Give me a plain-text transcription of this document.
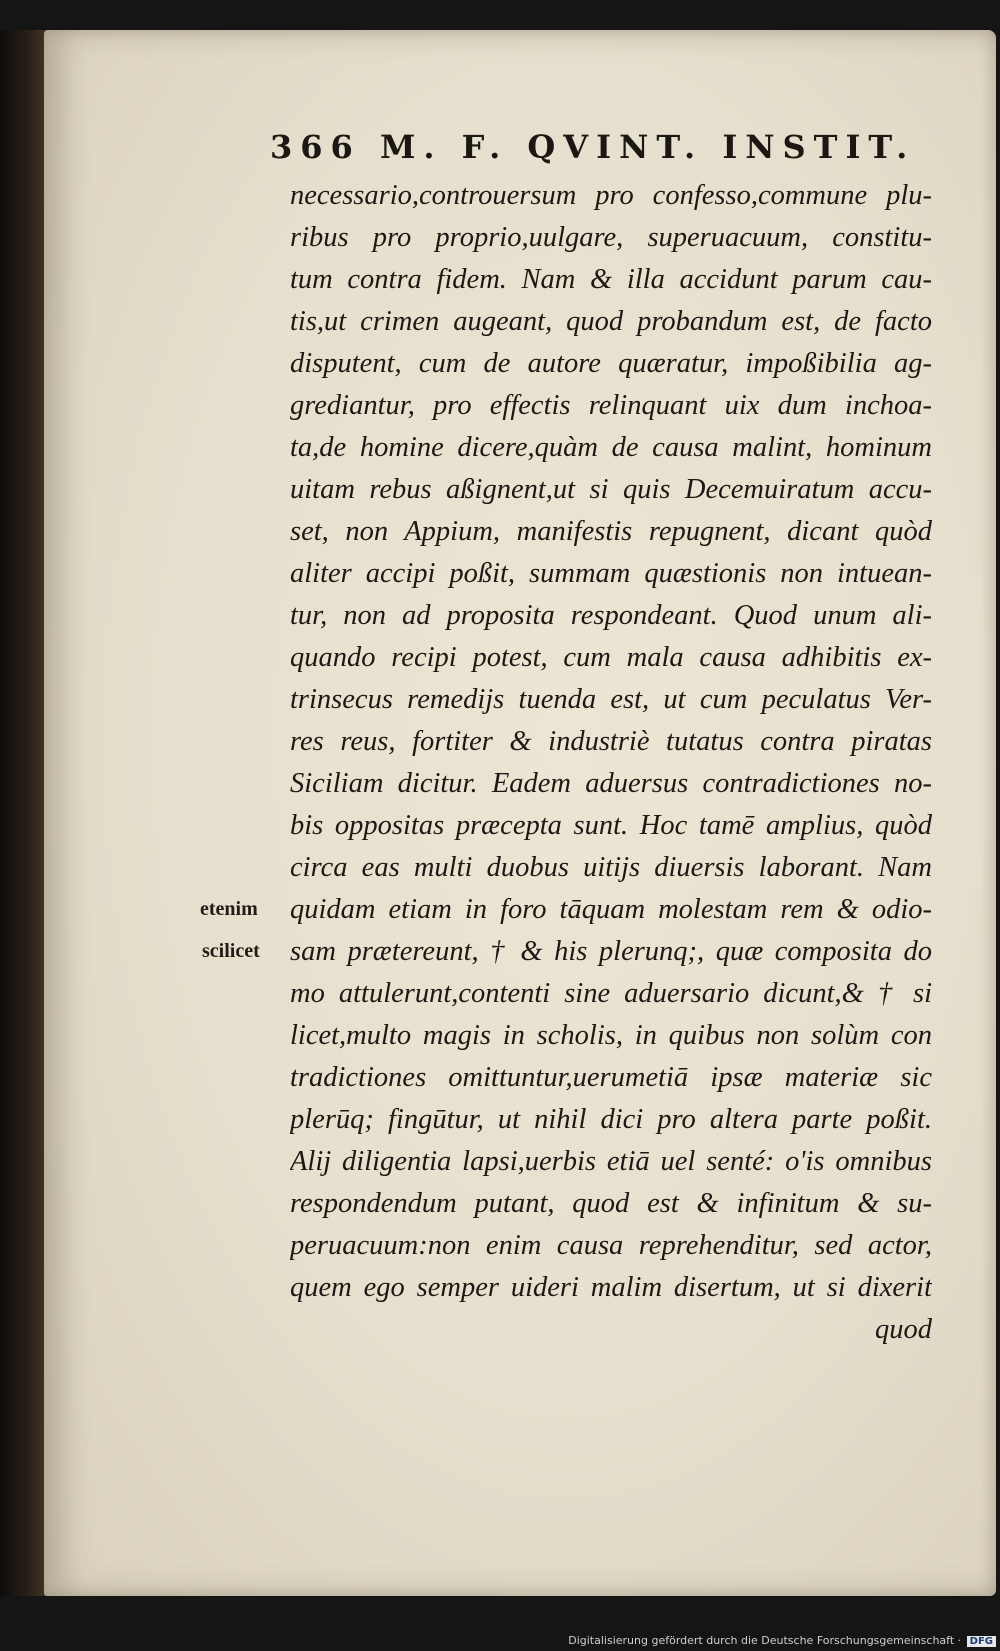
366 M. F. QVINT. INSTIT.
necessario,controuersum pro confesso,commune plu-
ribus pro proprio,uulgare, superuacuum, constitu-
tum contra fidem. Nam & illa accidunt parum cau-
tis,ut crimen augeant, quod probandum est, de facto
disputent, cum de autore quæratur, impoßibilia ag-
grediantur, pro effectis relinquant uix dum inchoa-
ta,de homine dicere,quàm de causa malint, hominum
uitam rebus aßignent,ut si quis Decemuiratum accu-
set, non Appium, manifestis repugnent, dicant quòd
aliter accipi poßit, summam quæstionis non intuean-
tur, non ad proposita respondeant. Quod unum ali-
quando recipi potest, cum mala causa adhibitis ex-
trinsecus remedijs tuenda est, ut cum peculatus Ver-
res reus, fortiter & industriè tutatus contra piratas
Siciliam dicitur. Eadem aduersus contradictiones no-
bis oppositas præcepta sunt. Hoc tamē amplius, quòd
circa eas multi duobus uitijs diuersis laborant. Nam
quidam etiam in foro tāquam molestam rem & odio-
sam prætereunt, † & his plerunq;, quæ composita do
mo attulerunt,contenti sine aduersario dicunt,& † si
licet,multo magis in scholis, in quibus non solùm con
tradictiones omittuntur,uerumetiā ipsæ materiæ sic
plerūq; fingūtur, ut nihil dici pro altera parte poßit.
Alij diligentia lapsi,uerbis etiā uel senté: o'is omnibus
respondendum putant, quod est & infinitum & su-
peruacuum:non enim causa reprehenditur, sed actor,
quem ego semper uideri malim disertum, ut si dixerit
quod
etenim
scilicet
Digitalisierung gefördert durch die Deutsche Forschungsgemeinschaft · DFG
